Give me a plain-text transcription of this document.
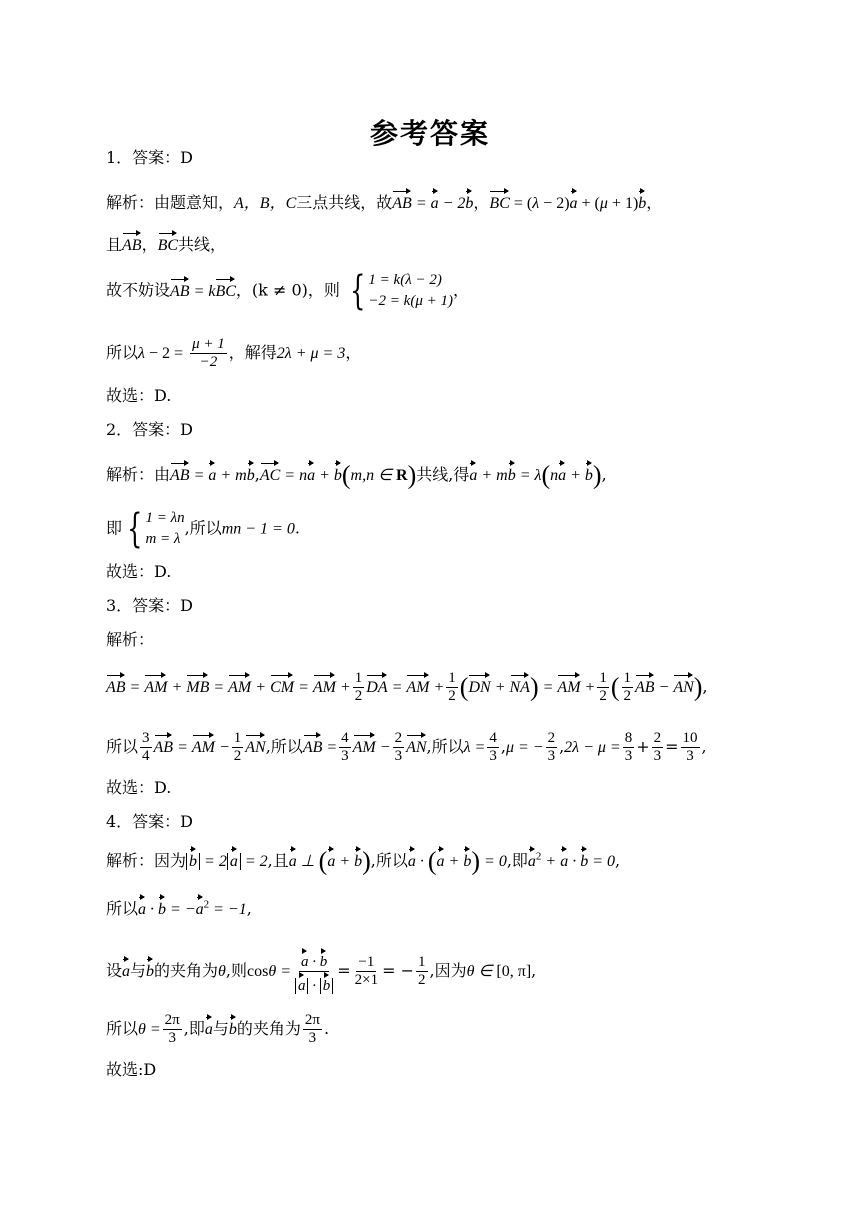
参考答案
1．答案：D
解析：由题意知，A，B，C三点共线，故AB = a − 2b，BC = (λ − 2)a + (μ + 1)b，
且AB，BC共线，
故不妨设AB = kBC，(k ≠ 0)，则 { 1 = k(λ − 2)
−2 = k(μ + 1)
，
所以$\lambda - 2 = \frac{\mu + 1}{-2}$ ，解得2λ + μ = 3，
故选：D.
2．答案：D
解析：由AB = a + mb,AC = na + b(m,n ∈ R)共线,得a + mb = λ(na + b),
即 { 1 = λn
m = λ
,所以mn − 1 = 0.
故选：D.
3．答案：D
解析：
AB = AM + MB = AM + CM = AM + $\frac{1}{2}$ DA = AM + $\frac{1}{2} (DN + NA)$ = AM + $\frac{1}{2}$ ( $\frac{1}{2}$ AB − AN),
所以 $\frac{3}{4}$ AB = AM − $\frac{1}{2}$ AN,所以AB = $\frac{4}{3}$ AM − $\frac{2}{3}$ AN,所以$\lambda = \frac{4}{3} ,\mu$ = − $\frac{2}{3} ,2\lambda - \mu = \frac{8}{3} + \frac{2}{3} = \frac{10}{3}$ ,
故选：D.
4．答案：D
解析：因为 b = 2 a = 2,且a ⊥ (a + b),所以a · (a + b) = 0,即$a^2 + a \cdot b = 0$,
所以$a \cdot b = -a^2 = -1$,
设a与b的夹角为θ,则$\cos\theta = \frac{a \cdot b}{a \cdot b} = \frac{-1}{2\times 1}$ = − $\frac{1}{2}$ ,因为θ ∈ [0, π],
所以$\theta = \frac{2\pi}{3}$ ,即a与b的夹角为 $\frac{2\pi}{3}$ .
故选:D
